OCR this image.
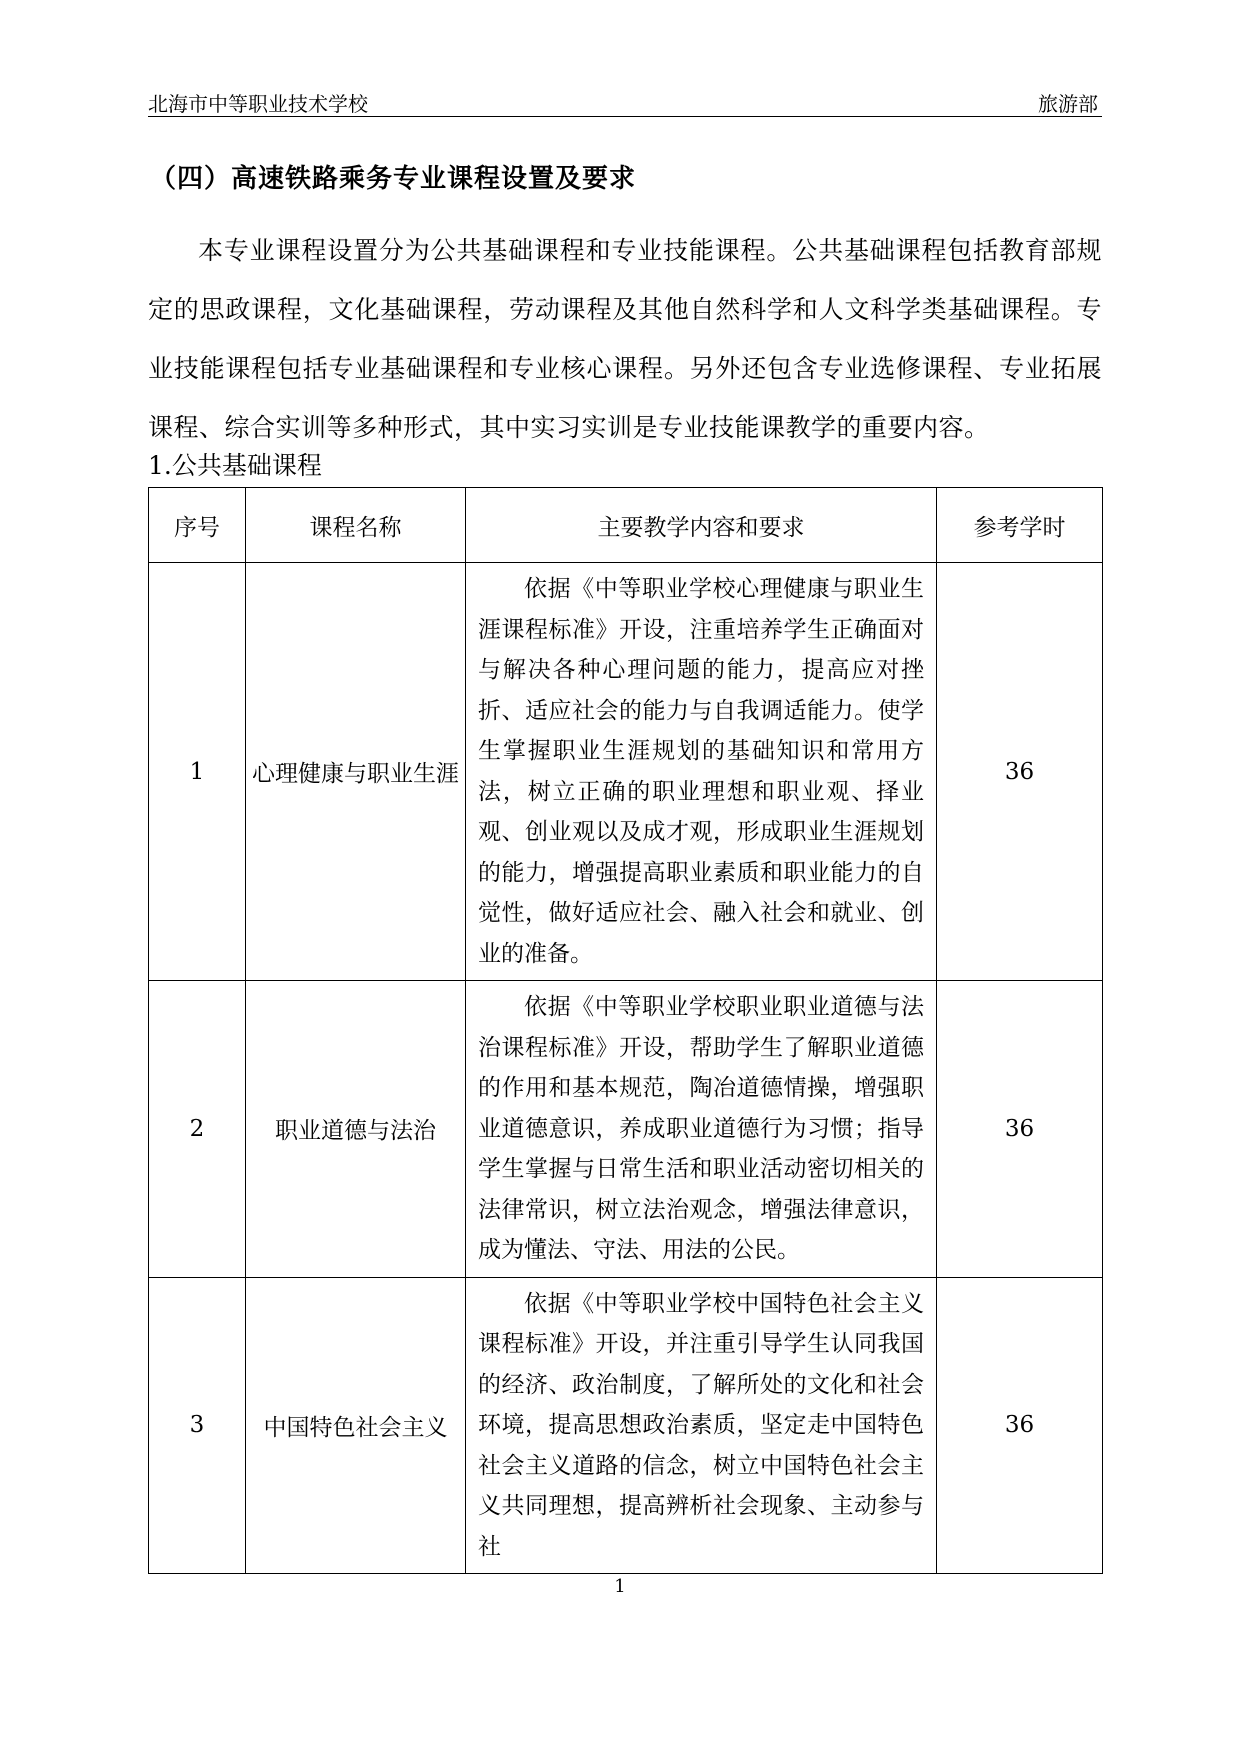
北海市中等职业技术学校	旅游部
（四）高速铁路乘务专业课程设置及要求

本专业课程设置分为公共基础课程和专业技能课程。公共基础课程包括教育部规定的思政课程，文化基础课程，劳动课程及其他自然科学和人文科学类基础课程。专业技能课程包括专业基础课程和专业核心课程。另外还包含专业选修课程、专业拓展课程、综合实训等多种形式，其中实习实训是专业技能课教学的重要内容。

1.公共基础课程
序号	课程名称	主要教学内容和要求	参考学时
1	心理健康与职业生涯	依据《中等职业学校心理健康与职业生涯课程标准》开设，注重培养学生正确面对与解决各种心理问题的能力，提高应对挫折、适应社会的能力与自我调适能力。使学生掌握职业生涯规划的基础知识和常用方法，树立正确的职业理想和职业观、择业观、创业观以及成才观，形成职业生涯规划的能力，增强提高职业素质和职业能力的自觉性，做好适应社会、融入社会和就业、创业的准备。	36
2	职业道德与法治	依据《中等职业学校职业职业道德与法治课程标准》开设，帮助学生了解职业道德的作用和基本规范，陶冶道德情操，增强职业道德意识，养成职业道德行为习惯；指导学生掌握与日常生活和职业活动密切相关的法律常识，树立法治观念，增强法律意识，成为懂法、守法、用法的公民。	36
3	中国特色社会主义	依据《中等职业学校中国特色社会主义课程标准》开设，并注重引导学生认同我国的经济、政治制度，了解所处的文化和社会环境，提高思想政治素质，坚定走中国特色社会主义道路的信念，树立中国特色社会主义共同理想，提高辨析社会现象、主动参与社	36
1
